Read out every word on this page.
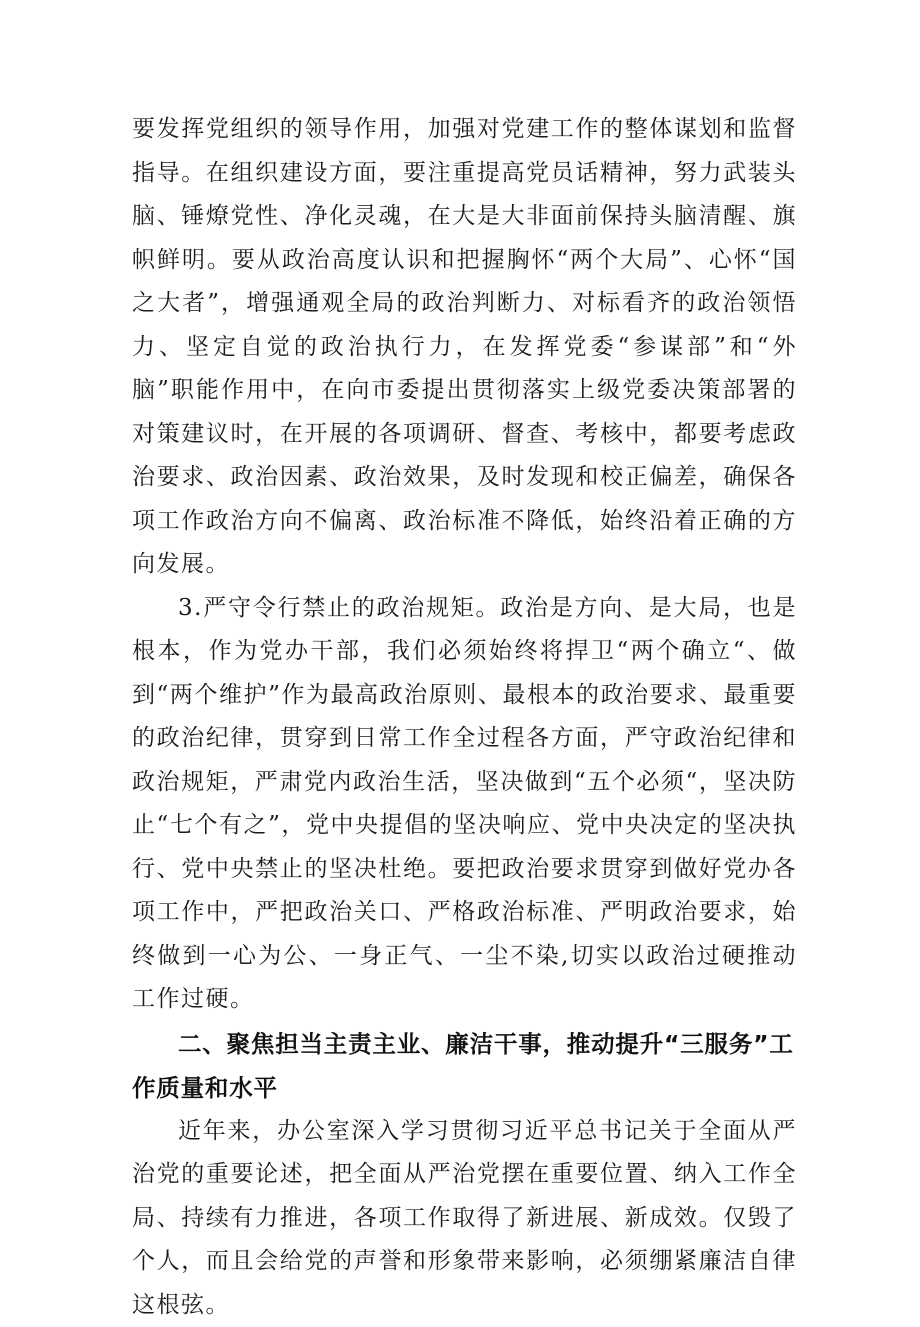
要发挥党组织的领导作用，加强对党建工作的整体谋划和监督指导。在组织建设方面，要注重提高党员话精神，努力武装头脑、锤燎党性、净化灵魂，在大是大非面前保持头脑清醒、旗帜鲜明。要从政治高度认识和把握胸怀“两个大局”、心怀“国之大者”，增强通观全局的政治判断力、对标看齐的政治领悟力、坚定自觉的政治执行力，在发挥党委“参谋部”和“外脑”职能作用中，在向市委提出贯彻落实上级党委决策部署的对策建议时，在开展的各项调研、督查、考核中，都要考虑政治要求、政治因素、政治效果，及时发现和校正偏差，确保各项工作政治方向不偏离、政治标准不降低，始终沿着正确的方向发展。

3.严守令行禁止的政治规矩。政治是方向、是大局，也是根本，作为党办干部，我们必须始终将捍卫“两个确立“、做到“两个维护”作为最高政治原则、最根本的政治要求、最重要的政治纪律，贯穿到日常工作全过程各方面，严守政治纪律和政治规矩，严肃党内政治生活，坚决做到“五个必须“，坚决防止“七个有之”，党中央提倡的坚决响应、党中央决定的坚决执行、党中央禁止的坚决杜绝。要把政治要求贯穿到做好党办各项工作中，严把政治关口、严格政治标准、严明政治要求，始终做到一心为公、一身正气、一尘不染,切实以政治过硬推动工作过硬。

二、聚焦担当主责主业、廉洁干事，推动提升“三服务”工作质量和水平

近年来，办公室深入学习贯彻习近平总书记关于全面从严治党的重要论述，把全面从严治党摆在重要位置、纳入工作全局、持续有力推进，各项工作取得了新进展、新成效。仅毁了个人，而且会给党的声誉和形象带来影响，必须绷紧廉洁自律这根弦。
